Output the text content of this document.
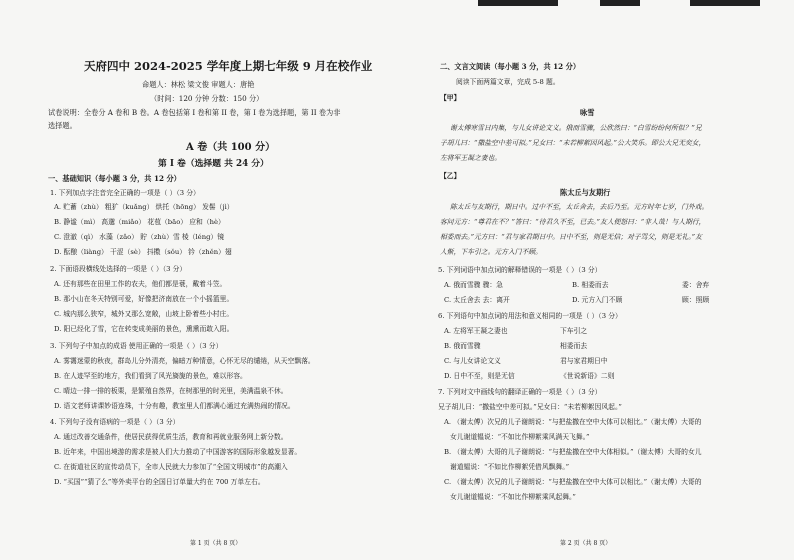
天府四中 2024-2025 学年度上期七年级 9 月在校作业
命题人：林松 梁文俊 审题人：唐艳
（时间：120 分钟 分数：150 分）
试卷说明：全卷分 A 卷和 B 卷。A 卷包括第 I 卷和第 II 卷，第 I 卷为选择题，第 II 卷为非
选择题。
A 卷（共 100 分）
第 I 卷（选择题 共 24 分）
一、基础知识（每小题 3 分，共 12 分）
1. 下列加点字注音完全正确的一项是（ ）（3 分）
A. 贮蓄（zhù） 粗犷（kuǎng） 烘托（hōng） 发髻（jì）
B. 静谧（mì） 高邈（miǎo） 花苞（bāo） 应和（hè）
C. 澄澈（qì） 水藻（zǎo） 貯（zhù）雪 棱（léng）镜
D. 酝酿（liàng） 干涩（sè） 抖擞（sǒu） 钤（zhěn）翅
2. 下面语段横线处选择的一项是（ ）（3 分）
A. 还有那些在田里工作的农夫，他们都是蓑，戴着斗笠。
B. 那小山在冬天特别可爱，好像把济南放在一个小摇篮里。
C. 城内那么狭窄，城外又那么宽敞，山坡上卧着些小村庄。
D. 阳已经化了雪，它在转变成美丽的景色，熏熏而敢入阳。
3. 下列句子中加点的成语 使用正确的一项是（ ）（3 分）
A. 雾霭迷蒙的秋夜，群岛儿分外清亮，偏暗万种情意，心怀无尽的缱绻，从天空飘落。
B. 在人迹罕至的地方，我们看到了风光旖旎的景色，难以形容。
C. 晴边一排一排的板栗，是繁殖自然界，在树那里的时光里，美满温泉不休。
D. 语文老师讲课妙语连珠，十分有趣，教室里人们都满心通过充满热闹的情况。
4. 下列句子没有语病的一项是（ ）（3 分）
A. 通过改善交通条件，使居民获得优质生活，教育和再就业服务网上新分数。
B. 近年来，中国出境游的需求是被人们大力推动了中国游客的国际形象越发显著。
C. 在街道社区的宣传动员下，全市人民就大力参加了“全国文明城市”的高潮入
D. “买国”“猜了么”等外卖平台的全国日订单量大约在 700 万单左右。
第 1 页（共 8 页）
二、文言文阅读（每小题 3 分，共 12 分）
阅读下面两篇文章，完成 5-8 题。
【甲】
咏雪
谢太傅寒雪日内集，与儿女讲论文义。俄而雪骤，公欣然曰：“白雪纷纷何所似？”兄
子胡儿曰：“撒盐空中差可拟。”兄女曰：“未若柳絮因风起。”公大笑乐。即公大兄无奕女，
左将军王凝之妻也。
【乙】
陈太丘与友期行
陈太丘与友期行，期日中。过中不至，太丘舍去，去后乃至。元方时年七岁，门外戏。
客问元方：“尊君在不？”答曰：“待君久不至，已去。”友人便怒曰：“非人哉！与人期行，
相委而去。”元方曰：“君与家君期日中。日中不至，则是无信；对子骂父，则是无礼。”友
人惭，下车引之。元方入门不顾。
5. 下列词语中加点词的解释错误的一项是（ ）（3 分）
A. 俄而雪骤 骤：急	B. 相委而去	委：舍弃
C. 太丘舍去 去：离开	D. 元方入门不顾	顾：照顾
6. 下列语句中加点词的用法和意义相同的一项是（ ）（3 分）
A. 左将军王凝之妻也	下车引之
B. 俄而雪骤	相委而去
C. 与儿女讲论文义	君与家君期日中
D. 日中不至，则是无信	《世说新语》二则
7. 下列对文中画线句的翻译正确的一项是（ ）（3 分）
兄子胡儿曰：“撒盐空中差可拟。”兄女曰：“未若柳絮因风起。”
A. （谢太傅）次兄的儿子谢朗说：“与把盐撒在空中大体可以相比。”（谢太傅）大哥的
女儿谢道韫说：“不如比作柳絮乘风满天飞舞。”
B. （谢太傅）大哥的儿子谢朗说：“与把盐撒在空中大体相似。”（谢太傅）大哥的女儿
谢道韫说：“不如比作柳絮凭借风飘舞。”
C. （谢太傅）次兄的儿子谢朗说：“与把盐撒在空中大体可以相比。”（谢太傅）大哥的
女儿谢道韫说：“不如比作柳絮乘风起舞。”
第 2 页（共 8 页）
